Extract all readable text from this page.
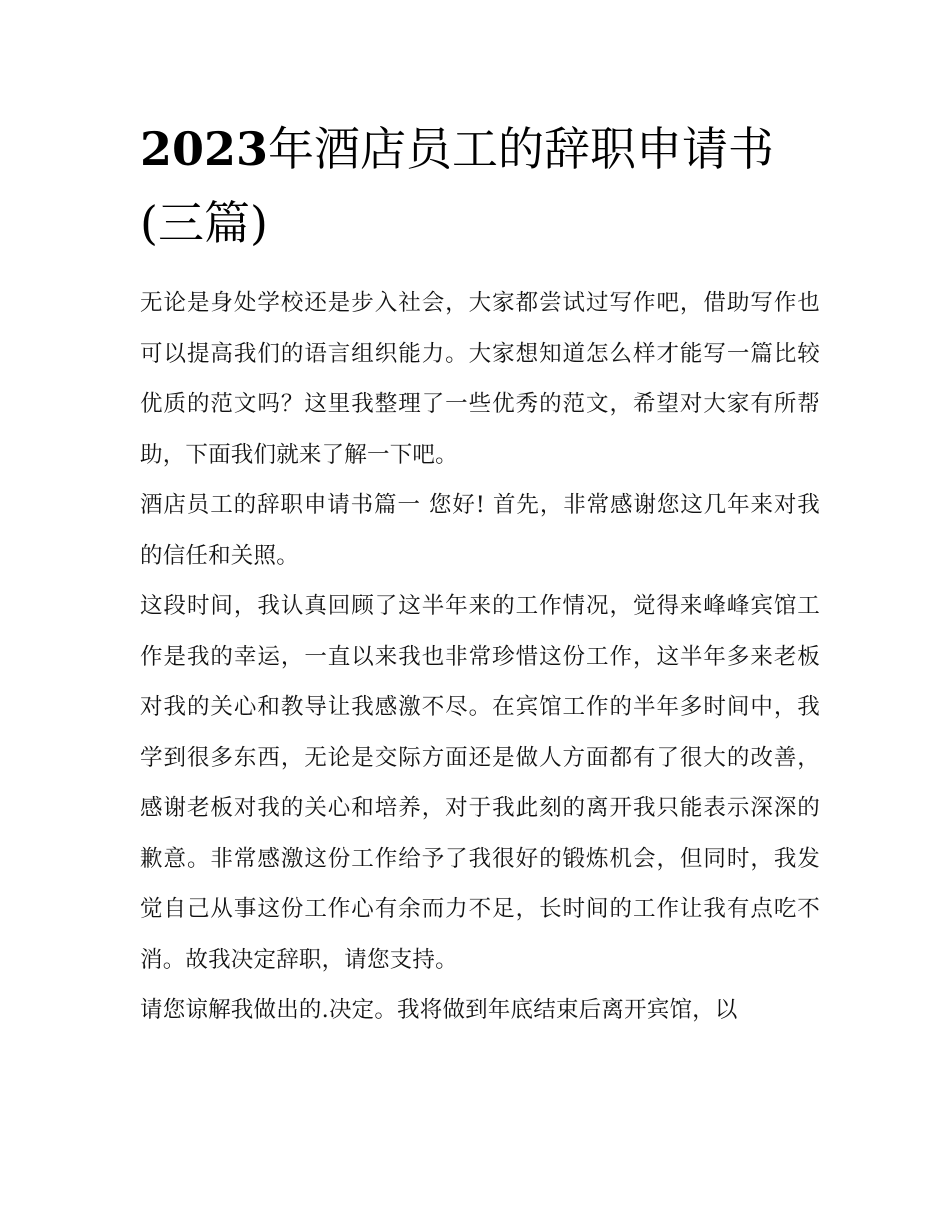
2023年酒店员工的辞职申请书(三篇)

无论是身处学校还是步入社会，大家都尝试过写作吧，借助写作也可以提高我们的语言组织能力。大家想知道怎么样才能写一篇比较优质的范文吗？这里我整理了一些优秀的范文，希望对大家有所帮助，下面我们就来了解一下吧。

酒店员工的辞职申请书篇一 您好! 首先，非常感谢您这几年来对我的信任和关照。

这段时间，我认真回顾了这半年来的工作情况，觉得来峰峰宾馆工作是我的幸运，一直以来我也非常珍惜这份工作，这半年多来老板对我的关心和教导让我感激不尽。在宾馆工作的半年多时间中，我学到很多东西，无论是交际方面还是做人方面都有了很大的改善，感谢老板对我的关心和培养，对于我此刻的离开我只能表示深深的歉意。非常感激这份工作给予了我很好的锻炼机会，但同时，我发觉自己从事这份工作心有余而力不足，长时间的工作让我有点吃不消。故我决定辞职，请您支持。

请您谅解我做出的.决定。我将做到年底结束后离开宾馆，以
